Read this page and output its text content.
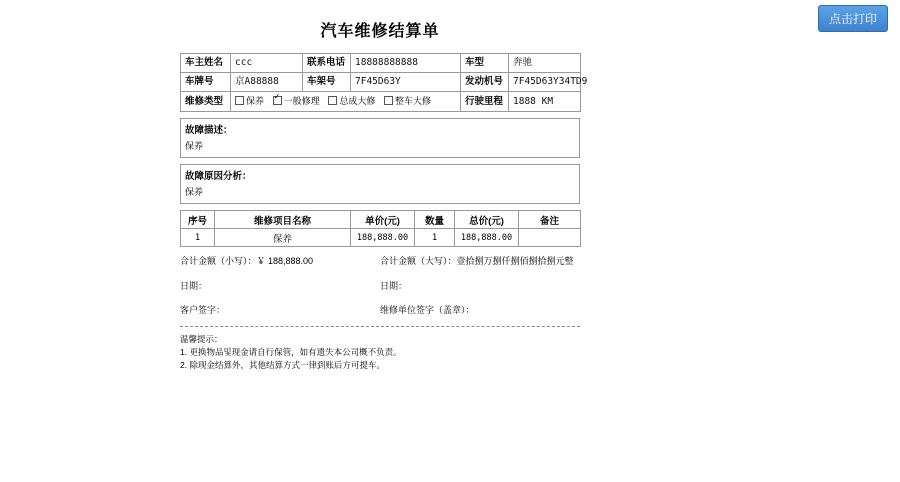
点击打印
汽车维修结算单
车主姓名	ccc	联系电话	18888888888	车型	奔驰
车牌号	京A88888	车架号	7F45D63Y	发动机号	7F45D63Y34TD9
维修类型	保养 ✓ 一般修理 总成大修 整车大修			行驶里程	1888 KM
故障描述：
保养
故障原因分析：
保养
序号	维修项目名称	单价(元)	数量	总价(元)	备注
1	保养	188,888.00	1	188,888.00	
合计金额（小写）：￥ 188,888.00	合计金额（大写）：壹拾捌万捌仟捌佰捌拾捌元整
日期：
客户签字：
日期：
维修单位签字（盖章）：
温馨提示：
1. 更换物品및现金请自行保管，如有遗失本公司概不负责。
2. 除现金结算外，其他结算方式一律到账后方可提车。
